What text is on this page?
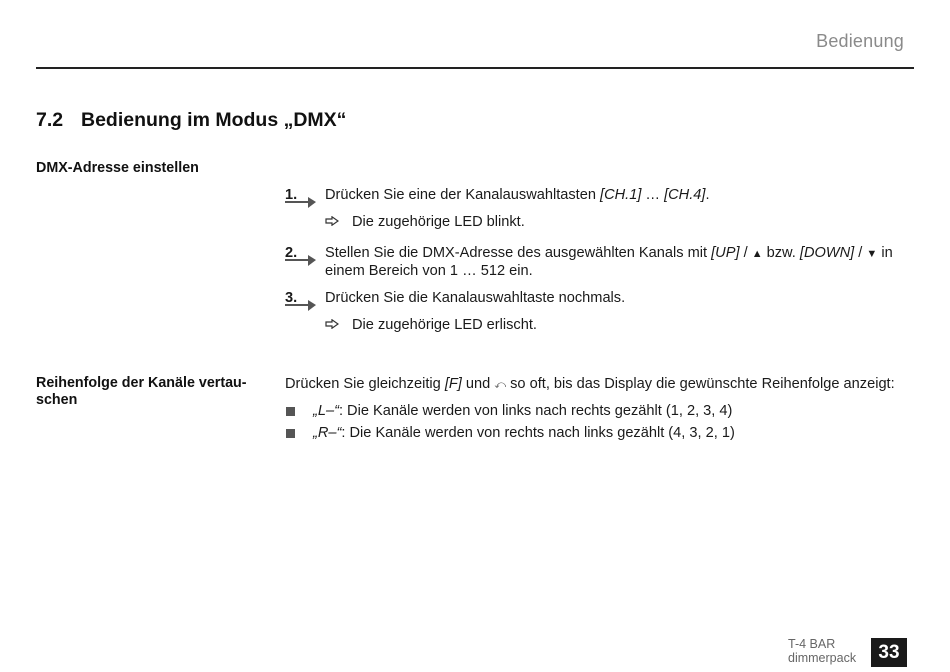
Bedienung
7.2 Bedienung im Modus „DMX“
DMX-Adresse einstellen
1. Drücken Sie eine der Kanalauswahltasten [CH.1] … [CH.4].
Die zugehörige LED blinkt.
2. Stellen Sie die DMX-Adresse des ausgewählten Kanals mit [UP] / ▲ bzw. [DOWN] / ▼ in einem Bereich von 1 … 512 ein.
3. Drücken Sie die Kanalauswahltaste nochmals.
Die zugehörige LED erlischt.
Reihenfolge der Kanäle vertau-schen
Drücken Sie gleichzeitig [F] und ⤺ so oft, bis das Display die gewünschte Reihenfolge anzeigt:
„L–“: Die Kanäle werden von links nach rechts gezählt (1, 2, 3, 4)
„R–“: Die Kanäle werden von rechts nach links gezählt (4, 3, 2, 1)
T-4 BAR
dimmerpack	33
